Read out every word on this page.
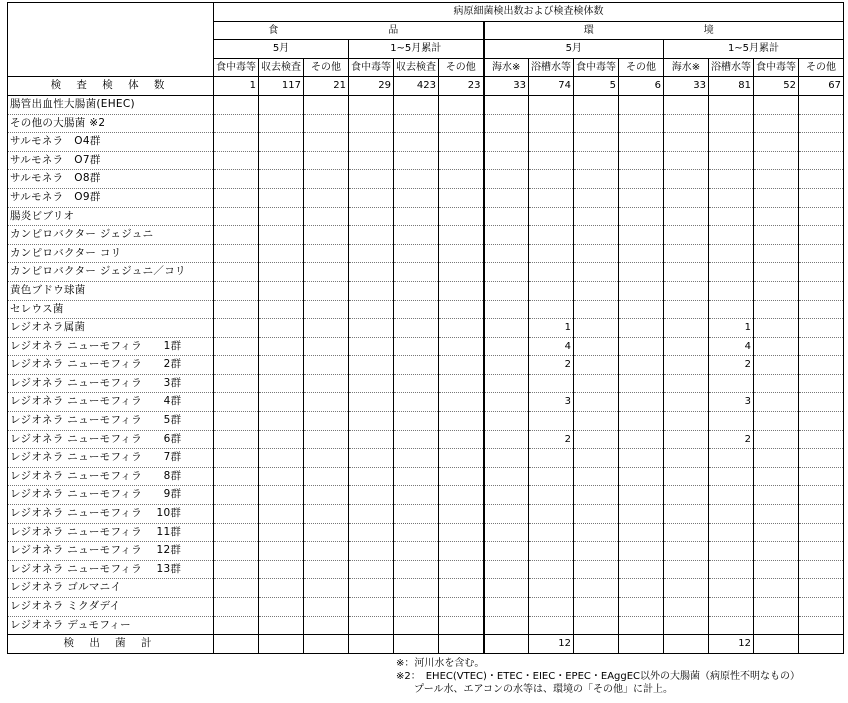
	病原細菌検出数および検査検体数													
	食　　品						環　　境							
	5月			1~5月累計			5月				1~5月累計			
	食中毒等	収去検査	その他	食中毒等	収去検査	その他	海水※	浴槽水等	食中毒等	その他	海水※	浴槽水等	食中毒等	その他
検 査 検 体 数	1	117	21	29	423	23	33	74	5	6	33	81	52	67
腸管出血性大腸菌(EHEC)														
その他の大腸菌 ※2														
サルモネラ　O4群														
サルモネラ　O7群														
サルモネラ　O8群														
サルモネラ　O9群														
腸炎ビブリオ														
カンピロバクター ジェジュニ														
カンピロバクター コリ														
カンピロバクター ジェジュニ／コリ														
黄色ブドウ球菌														
セレウス菌														
レジオネラ属菌								1				1		
レジオネラ ニューモフィラ　　1群								4				4		
レジオネラ ニューモフィラ　　2群								2				2		
レジオネラ ニューモフィラ　　3群														
レジオネラ ニューモフィラ　　4群								3				3		
レジオネラ ニューモフィラ　　5群														
レジオネラ ニューモフィラ　　6群								2				2		
レジオネラ ニューモフィラ　　7群														
レジオネラ ニューモフィラ　　8群														
レジオネラ ニューモフィラ　　9群														
レジオネラ ニューモフィラ　 10群														
レジオネラ ニューモフィラ　 11群														
レジオネラ ニューモフィラ　 12群														
レジオネラ ニューモフィラ　 13群														
レジオネラ ゴルマニイ														
レジオネラ ミクダデイ														
レジオネラ デュモフィー														
検 出 菌 計								12				12		
※：河川水を含む。
※2：　EHEC(VTEC)・ETEC・EIEC・EPEC・EAggEC以外の大腸菌（病原性不明なもの）
プール水、エアコンの水等は、環境の「その他」に計上。
